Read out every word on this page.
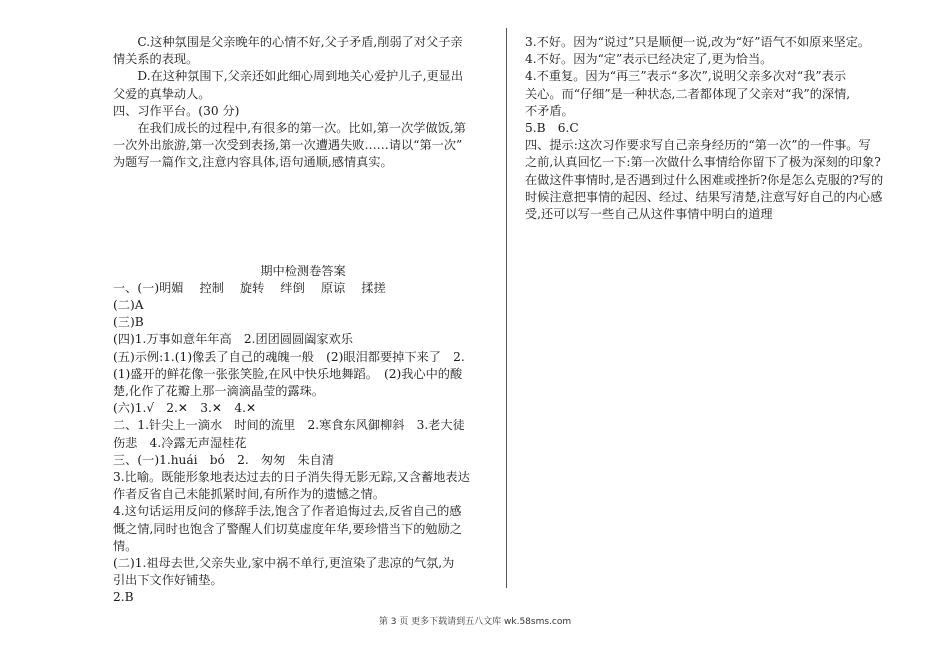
C.这种氛围是父亲晚年的心情不好,父子矛盾,削弱了对父子亲

情关系的表现。

D.在这种氛围下,父亲还如此细心周到地关心爱护儿子,更显出

父爱的真挚动人。

四、习作平台。(30 分)

在我们成长的过程中,有很多的第一次。比如,第一次学做饭,第

一次外出旅游,第一次受到表扬,第一次遭遇失败……请以“第一次”

为题写一篇作文,注意内容具体,语句通顺,感情真实。

期中检测卷答案

一、(一)明媚　 控制　 旋转　 绊倒　 原谅　 揉搓

(二)A

(三)B

(四)1.万事如意年年高　2.团团圆圆阖家欢乐

(五)示例:1.(1)像丢了自己的魂魄一般　(2)眼泪都要掉下来了　2.

(1)盛开的鲜花像一张张笑脸,在风中快乐地舞蹈。　(2)我心中的酸

楚,化作了花瓣上那一滴滴晶莹的露珠。

(六)1.√　2.✕　3.✕　4.✕

二、1.针尖上一滴水　时间的流里　2.寒食东风御柳斜　3.老大徒

伤悲　4.冷露无声湿桂花

三、(一)1.huái　bó　2.　匆匆　朱自清

3.比喻。既能形象地表达过去的日子消失得无影无踪,又含蓄地表达

作者反省自己未能抓紧时间,有所作为的遗憾之情。

4.这句话运用反问的修辞手法,饱含了作者追悔过去,反省自己的感

慨之情,同时也饱含了警醒人们切莫虚度年华,要珍惜当下的勉励之

情。

(二)1.祖母去世,父亲失业,家中祸不单行,更渲染了悲凉的气氛,为

引出下文作好铺垫。

2.B

3.不好。因为“说过”只是顺便一说,改为“好”语气不如原来坚定。

4.不好。因为“定”表示已经决定了,更为恰当。

4.不重复。因为“再三”表示“多次”,说明父亲多次对“我”表示

关心。而“仔细”是一种状态,二者都体现了父亲对“我”的深情,

不矛盾。

5.B　6.C

四、提示:这次习作要求写自己亲身经历的“第一次”的一件事。写

之前,认真回忆一下:第一次做什么事情给你留下了极为深刻的印象?

在做这件事情时,是否遇到过什么困难或挫折?你是怎么克服的?写的

时候注意把事情的起因、经过、结果写清楚,注意写好自己的内心感

受,还可以写一些自己从这件事情中明白的道理

第 3 页 更多下载请到五八文库 wk.58sms.com
